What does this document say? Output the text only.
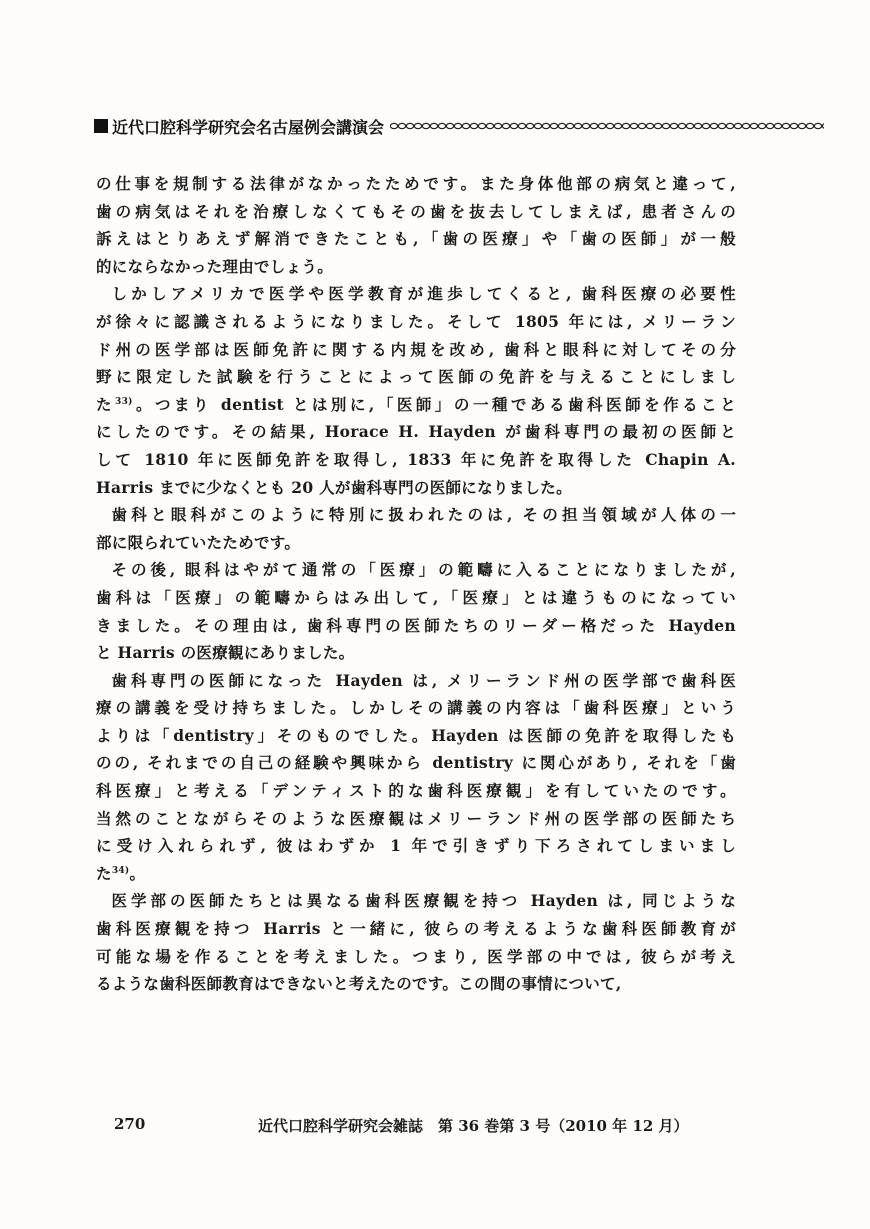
近代口腔科学研究会名古屋例会講演会

の仕事を規制する法律がなかったためです。また身体他部の病気と違って,

歯の病気はそれを治療しなくてもその歯を抜去してしまえば, 患者さんの

訴えはとりあえず解消できたことも,「歯の医療」や「歯の医師」が一般

的にならなかった理由でしょう。

しかしアメリカで医学や医学教育が進歩してくると, 歯科医療の必要性

が徐々に認識されるようになりました。そして 1805 年には, メリーラン

ド州の医学部は医師免許に関する内規を改め, 歯科と眼科に対してその分

野に限定した試験を行うことによって医師の免許を与えることにしまし

た$^{33)}$。つまり dentist とは別に,「医師」の一種である歯科医師を作ること

にしたのです。その結果, Horace H. Hayden が歯科専門の最初の医師と

して 1810 年に医師免許を取得し, 1833 年に免許を取得した Chapin A.

Harris までに少なくとも 20 人が歯科専門の医師になりました。

歯科と眼科がこのように特別に扱われたのは, その担当領域が人体の一

部に限られていたためです。

その後, 眼科はやがて通常の「医療」の範疇に入ることになりましたが,

歯科は「医療」の範疇からはみ出して,「医療」とは違うものになってい

きました。その理由は, 歯科専門の医師たちのリーダー格だった Hayden

と Harris の医療観にありました。

歯科専門の医師になった Hayden は, メリーランド州の医学部で歯科医

療の講義を受け持ちました。しかしその講義の内容は「歯科医療」という

よりは「dentistry」そのものでした。Hayden は医師の免許を取得したも

のの, それまでの自己の経験や興味から dentistry に関心があり, それを「歯

科医療」と考える「デンティスト的な歯科医療観」を有していたのです。

当然のことながらそのような医療観はメリーランド州の医学部の医師たち

に受け入れられず, 彼はわずか 1 年で引きずり下ろされてしまいまし

た$^{34)}$。

医学部の医師たちとは異なる歯科医療観を持つ Hayden は, 同じような

歯科医療観を持つ Harris と一緒に, 彼らの考えるような歯科医師教育が

可能な場を作ることを考えました。つまり, 医学部の中では, 彼らが考え

るような歯科医師教育はできないと考えたのです。この間の事情について,

270	近代口腔科学研究会雑誌　第 36 巻第 3 号（2010 年 12 月）
